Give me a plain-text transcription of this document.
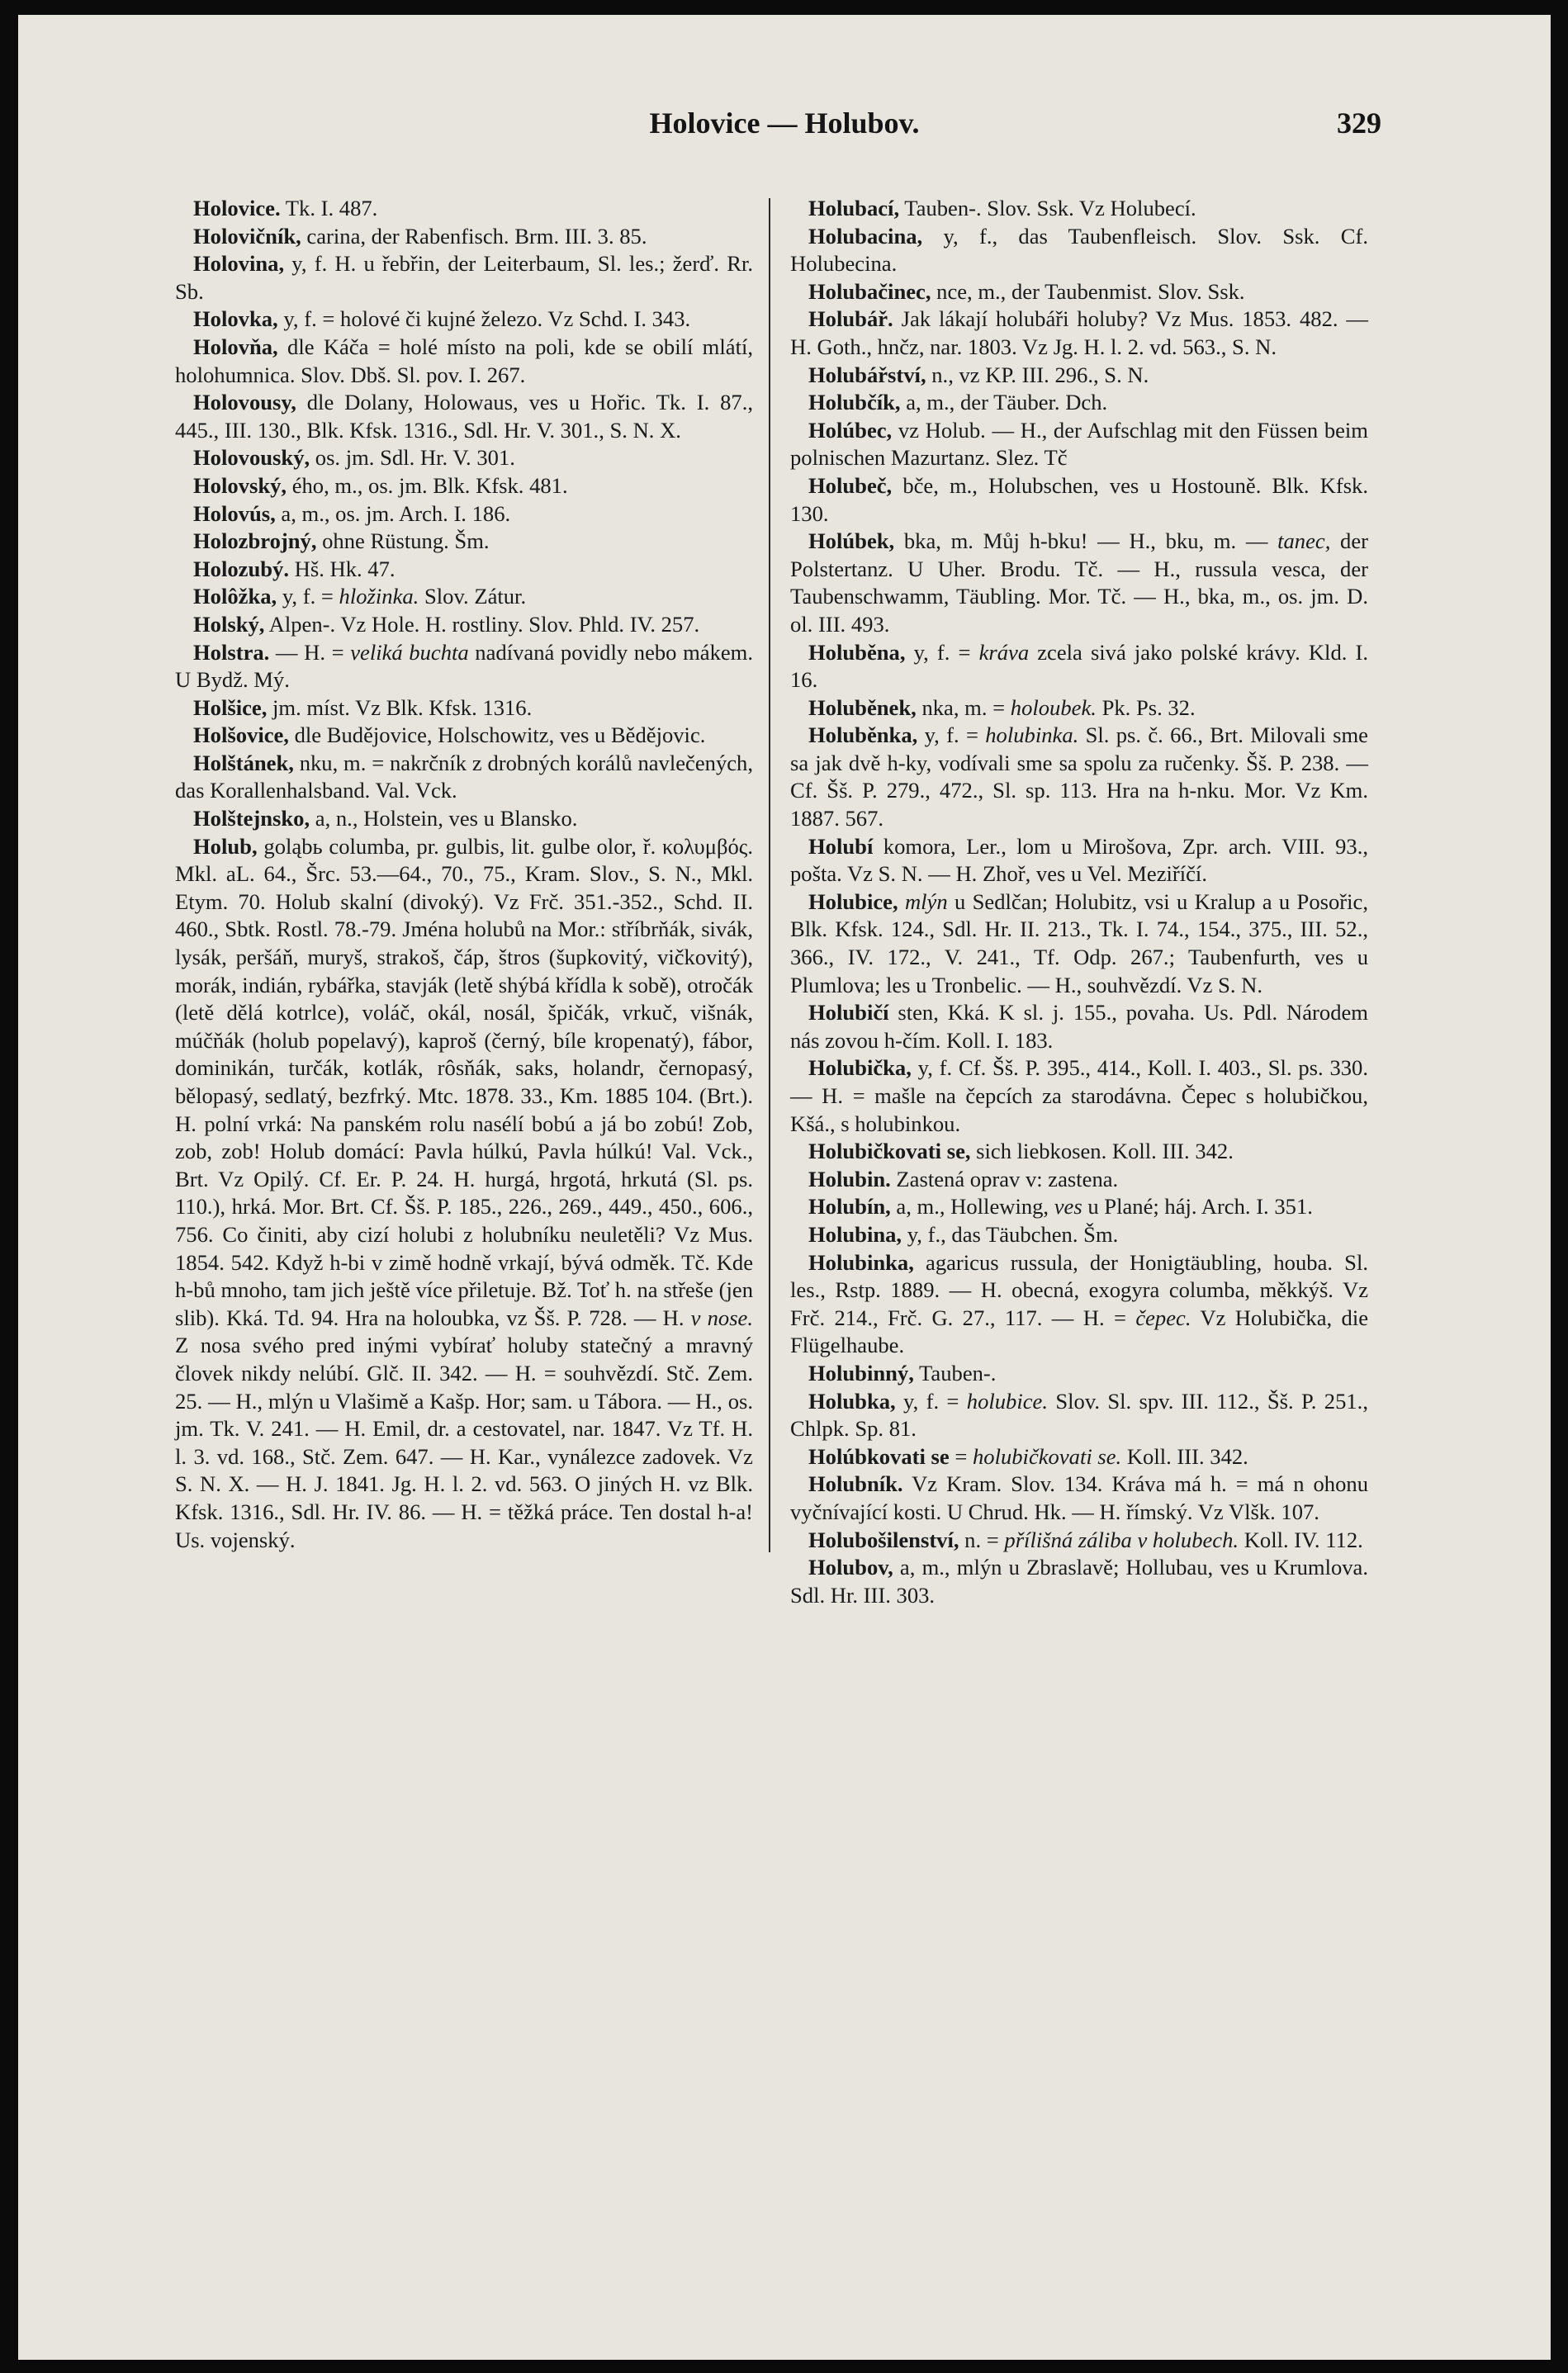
Holovice — Holubov.	329

Holovice. Tk. I. 487.

Holovičník, carina, der Rabenfisch. Brm. III. 3. 85.

Holovina, y, f. H. u řebřin, der Leiterbaum, Sl. les.; žerď. Rr. Sb.

Holovka, y, f. = holové či kujné železo. Vz Schd. I. 343.

Holovňa, dle Káča = holé místo na poli, kde se obilí mlátí, holohumnica. Slov. Dbš. Sl. pov. I. 267.

Holovousy, dle Dolany, Holowaus, ves u Hořic. Tk. I. 87., 445., III. 130., Blk. Kfsk. 1316., Sdl. Hr. V. 301., S. N. X.

Holovouský, os. jm. Sdl. Hr. V. 301.

Holovský, ého, m., os. jm. Blk. Kfsk. 481.

Holovús, a, m., os. jm. Arch. I. 186.

Holozbrojný, ohne Rüstung. Šm.

Holozubý. Hš. Hk. 47.

Holôžka, y, f. = hložinka. Slov. Zátur.

Holský, Alpen-. Vz Hole. H. rostliny. Slov. Phld. IV. 257.

Holstra. — H. = veliká buchta nadívaná povidly nebo mákem. U Bydž. Mý.

Holšice, jm. míst. Vz Blk. Kfsk. 1316.

Holšovice, dle Budějovice, Holschowitz, ves u Bědějovic.

Holštánek, nku, m. = nakrčník z drobných korálů navlečených, das Korallenhalsband. Val. Vck.

Holštejnsko, a, n., Holstein, ves u Blansko.

Holub, goląbь columba, pr. gulbis, lit. gulbe olor, ř. κολυμβός. Mkl. aL. 64., Šrc. 53.—64., 70., 75., Kram. Slov., S. N., Mkl. Etym. 70. Holub skalní (divoký). Vz Frč. 351.-352., Schd. II. 460., Sbtk. Rostl. 78.-79. Jména holubů na Mor.: stříbrňák, sivák, lysák, peršáň, muryš, strakoš, čáp, štros (šupkovitý, vičkovitý), morák, indián, rybářka, stavják (letě shýbá křídla k sobě), otročák (letě dělá kotrlce), voláč, okál, nosál, špičák, vrkuč, višnák, múčňák (holub popelavý), kaproš (černý, bíle kropenatý), fábor, dominikán, turčák, kotlák, rôsňák, saks, holandr, černopasý, bělopasý, sedlatý, bezfrký. Mtc. 1878. 33., Km. 1885 104. (Brt.). H. polní vrká: Na panském rolu nasélí bobú a já bo zobú! Zob, zob, zob! Holub domácí: Pavla húlkú, Pavla húlkú! Val. Vck., Brt. Vz Opilý. Cf. Er. P. 24. H. hurgá, hrgotá, hrkutá (Sl. ps. 110.), hrká. Mor. Brt. Cf. Šš. P. 185., 226., 269., 449., 450., 606., 756. Co činiti, aby cizí holubi z holubníku neuletěli? Vz Mus. 1854. 542. Když h-bi v zimě hodně vrkají, bývá odměk. Tč. Kde h-bů mnoho, tam jich ještě více přiletuje. Bž. Toť h. na střeše (jen slib). Kká. Td. 94. Hra na holoubka, vz Šš. P. 728. — H. v nose. Z nosa svého pred inými vybírať holuby statečný a mravný človek nikdy nelúbí. Glč. II. 342. — H. = souhvězdí. Stč. Zem. 25. — H., mlýn u Vlašimě a Kašp. Hor; sam. u Tábora. — H., os. jm. Tk. V. 241. — H. Emil, dr. a cestovatel, nar. 1847. Vz Tf. H. l. 3. vd. 168., Stč. Zem. 647. — H. Kar., vynálezce zadovek. Vz S. N. X. — H. J. 1841. Jg. H. l. 2. vd. 563. O jiných H. vz Blk. Kfsk. 1316., Sdl. Hr. IV. 86. — H. = těžká práce. Ten dostal h-a! Us. vojenský.

Holubací, Tauben-. Slov. Ssk. Vz Holubecí.

Holubacina, y, f., das Taubenfleisch. Slov. Ssk. Cf. Holubecina.

Holubačinec, nce, m., der Taubenmist. Slov. Ssk.

Holubář. Jak lákají holubáři holuby? Vz Mus. 1853. 482. — H. Goth., hnčz, nar. 1803. Vz Jg. H. l. 2. vd. 563., S. N.

Holubářství, n., vz KP. III. 296., S. N.

Holubčík, a, m., der Täuber. Dch.

Holúbec, vz Holub. — H., der Aufschlag mit den Füssen beim polnischen Mazurtanz. Slez. Tč

Holubeč, bče, m., Holubschen, ves u Hostouně. Blk. Kfsk. 130.

Holúbek, bka, m. Můj h-bku! — H., bku, m. — tanec, der Polstertanz. U Uher. Brodu. Tč. — H., russula vesca, der Taubenschwamm, Täubling. Mor. Tč. — H., bka, m., os. jm. D. ol. III. 493.

Holuběna, y, f. = kráva zcela sivá jako polské krávy. Kld. I. 16.

Holuběnek, nka, m. = holoubek. Pk. Ps. 32.

Holuběnka, y, f. = holubinka. Sl. ps. č. 66., Brt. Milovali sme sa jak dvě h-ky, vodívali sme sa spolu za ručenky. Šš. P. 238. — Cf. Šš. P. 279., 472., Sl. sp. 113. Hra na h-nku. Mor. Vz Km. 1887. 567.

Holubí komora, Ler., lom u Mirošova, Zpr. arch. VIII. 93., pošta. Vz S. N. — H. Zhoř, ves u Vel. Meziříčí.

Holubice, mlýn u Sedlčan; Holubitz, vsi u Kralup a u Posořic, Blk. Kfsk. 124., Sdl. Hr. II. 213., Tk. I. 74., 154., 375., III. 52., 366., IV. 172., V. 241., Tf. Odp. 267.; Taubenfurth, ves u Plumlova; les u Tronbelic. — H., souhvězdí. Vz S. N.

Holubičí sten, Kká. K sl. j. 155., povaha. Us. Pdl. Národem nás zovou h-čím. Koll. I. 183.

Holubička, y, f. Cf. Šš. P. 395., 414., Koll. I. 403., Sl. ps. 330. — H. = mašle na čepcích za starodávna. Čepec s holubičkou, Kšá., s holubinkou.

Holubičkovati se, sich liebkosen. Koll. III. 342.

Holubin. Zastená oprav v: zastena.

Holubín, a, m., Hollewing, ves u Plané; háj. Arch. I. 351.

Holubina, y, f., das Täubchen. Šm.

Holubinka, agaricus russula, der Honigtäubling, houba. Sl. les., Rstp. 1889. — H. obecná, exogyra columba, měkkýš. Vz Frč. 214., Frč. G. 27., 117. — H. = čepec. Vz Holubička, die Flügelhaube.

Holubinný, Tauben-.

Holubka, y, f. = holubice. Slov. Sl. spv. III. 112., Šš. P. 251., Chlpk. Sp. 81.

Holúbkovati se = holubičkovati se. Koll. III. 342.

Holubník. Vz Kram. Slov. 134. Kráva má h. = má n ohonu vyčnívající kosti. U Chrud. Hk. — H. římský. Vz Vlšk. 107.

Holubošilenství, n. = přílišná záliba v holubech. Koll. IV. 112.

Holubov, a, m., mlýn u Zbraslavě; Hollubau, ves u Krumlova. Sdl. Hr. III. 303.
